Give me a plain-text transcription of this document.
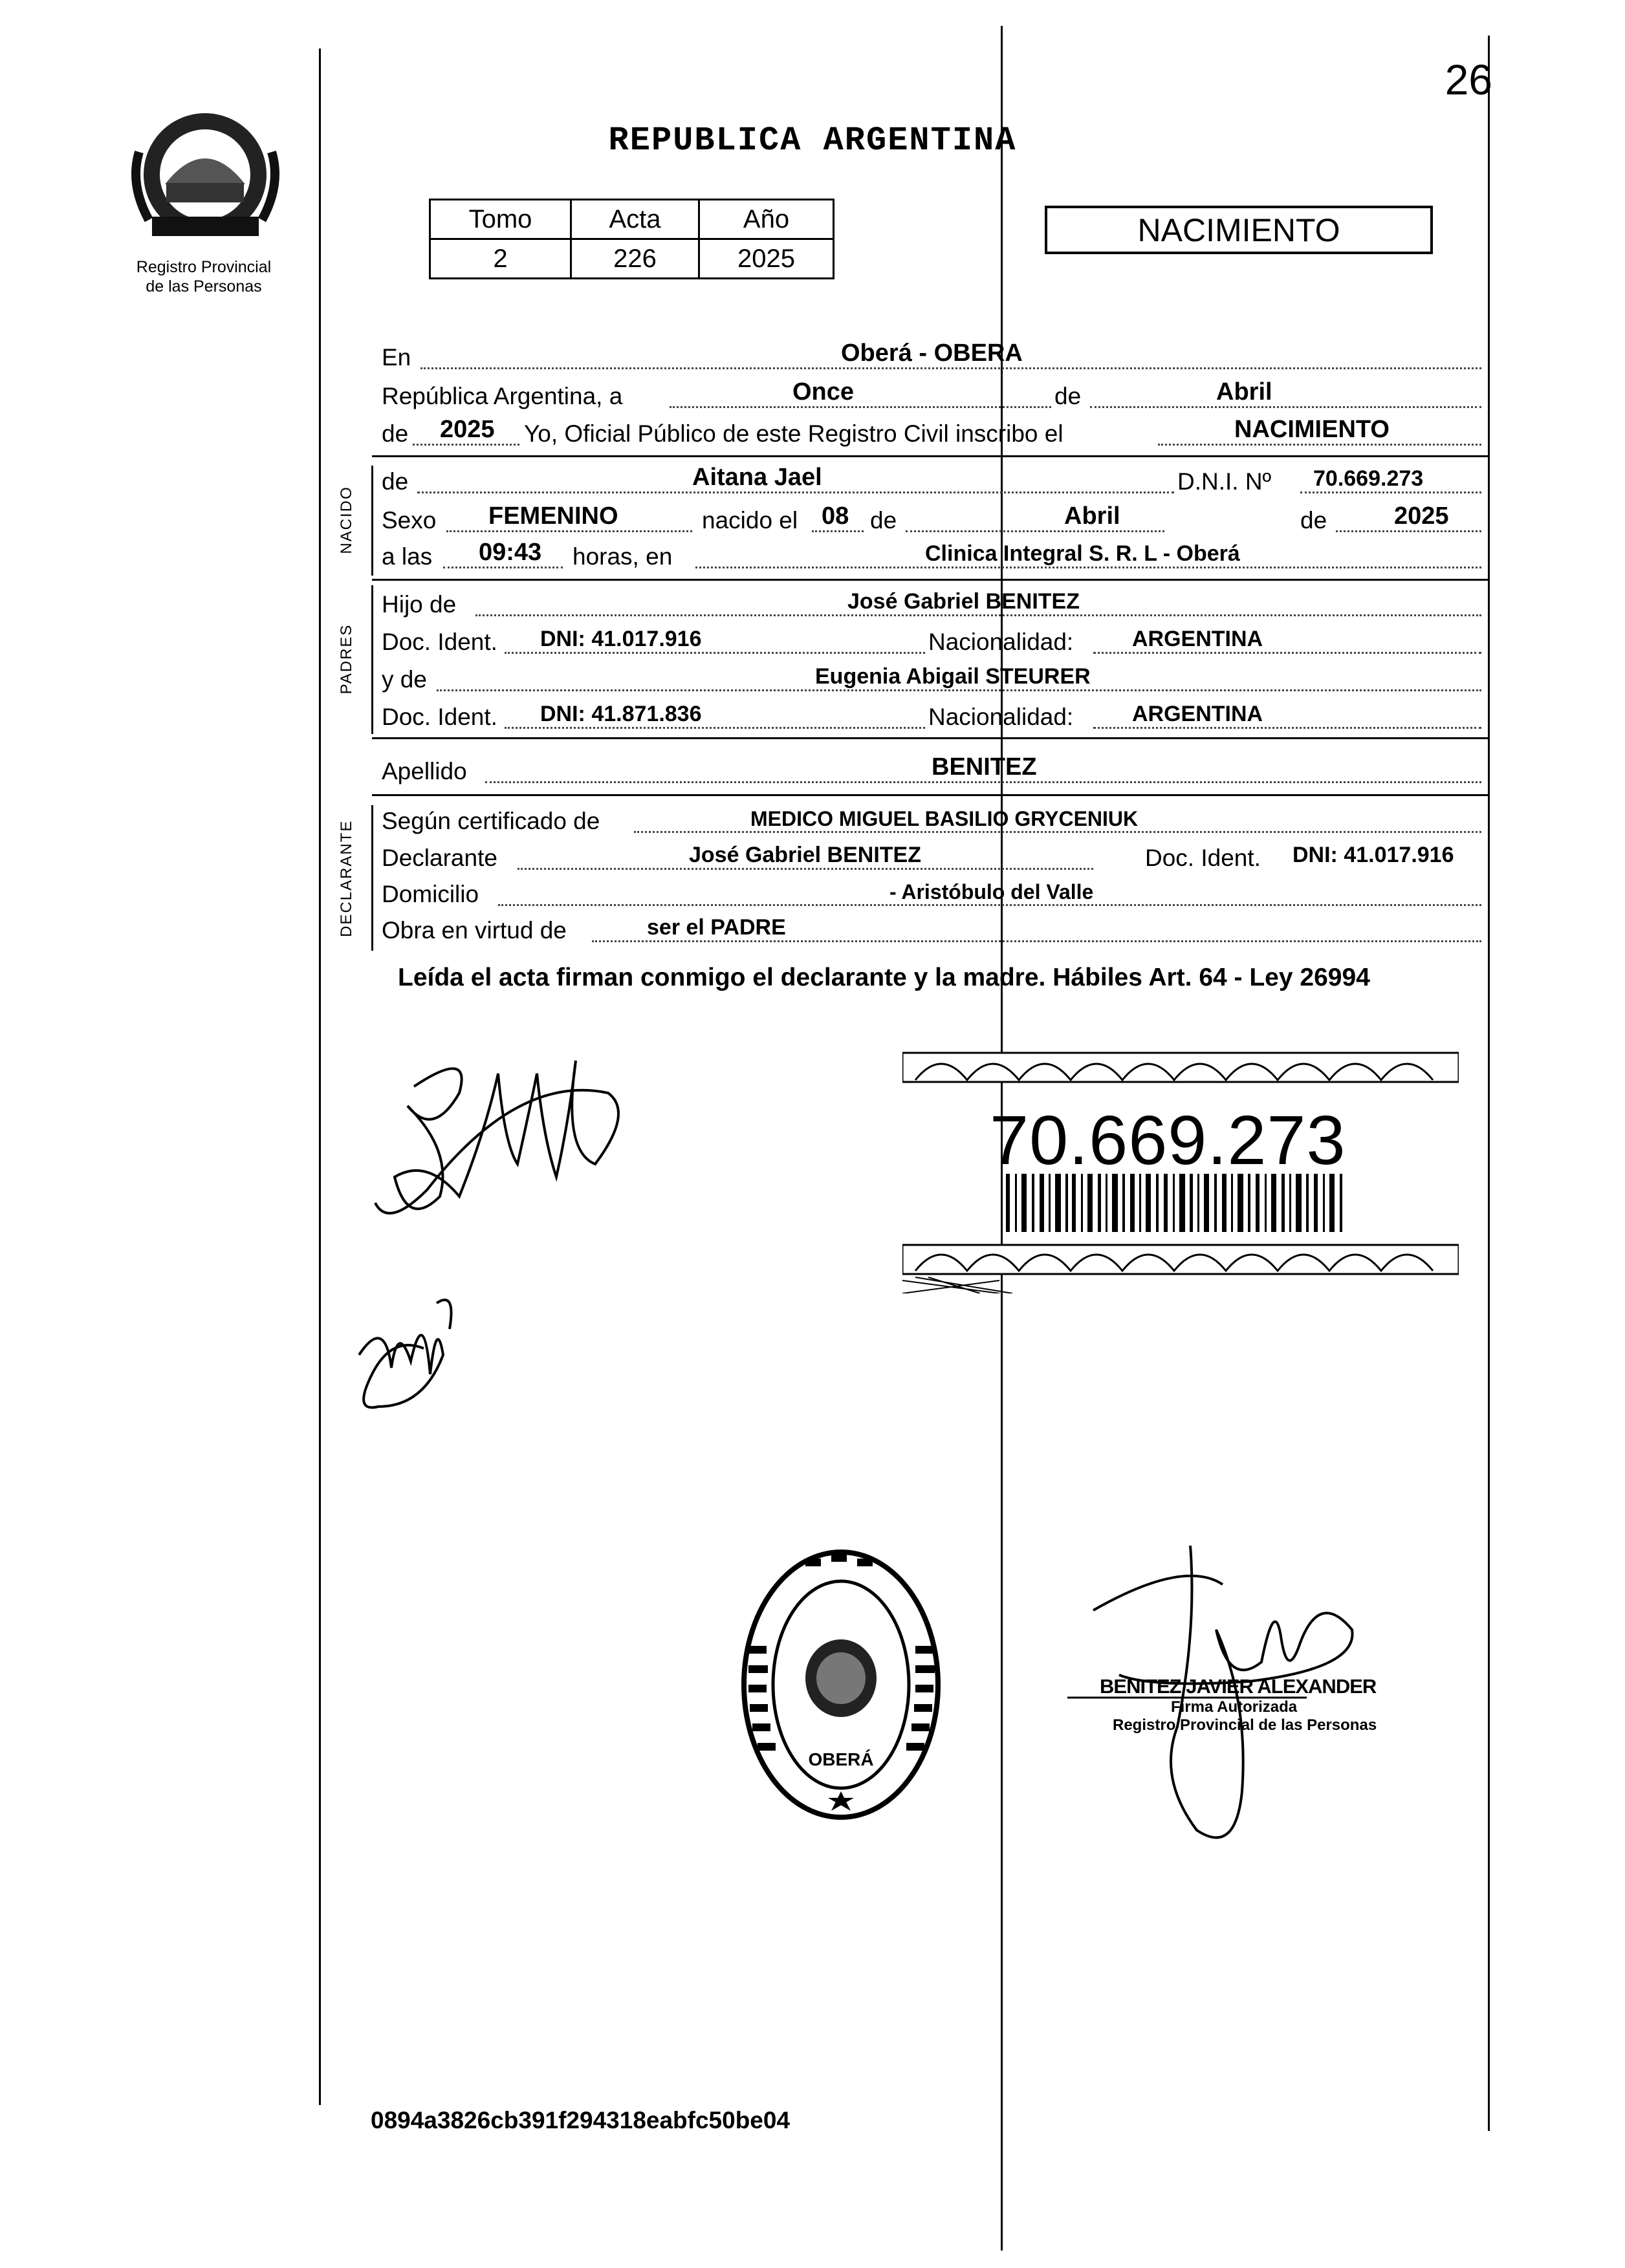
26
REPUBLICA ARGENTINA
Registro Provincial
de las Personas
Tomo	Acta	Año
2	226	2025
NACIMIENTO
En	Oberá - OBERA
República Argentina, a	Once	de	Abril
de 2025 Yo, Oficial Público de este Registro Civil inscribo el	NACIMIENTO
NACIDO
de	Aitana Jael	D.N.I. Nº 70.669.273
Sexo FEMENINO	nacido el 08 de	Abril	de	2025
a las 09:43 horas, en	Clinica Integral S. R. L - Oberá
PADRES
Hijo de	José Gabriel BENITEZ
Doc. Ident. DNI: 41.017.916	Nacionalidad:	ARGENTINA
y de	Eugenia Abigail STEURER
Doc. Ident. DNI: 41.871.836	Nacionalidad:	ARGENTINA
Apellido	BENITEZ
DECLARANTE Según certificado de	MEDICO MIGUEL BASILIO GRYCENIUK
Declarante	José Gabriel BENITEZ	Doc. Ident. DNI: 41.017.916
Domicilio	- Aristóbulo del Valle
Obra en virtud de	ser el PADRE
Leída el acta firman conmigo el declarante y la madre. Hábiles Art. 64 - Ley 26994
70.669.273
OBERÁ
BENITEZ JAVIER ALEXANDER
Firma Autorizada
Registro Provincial de las Personas
0894a3826cb391f294318eabfc50be04
